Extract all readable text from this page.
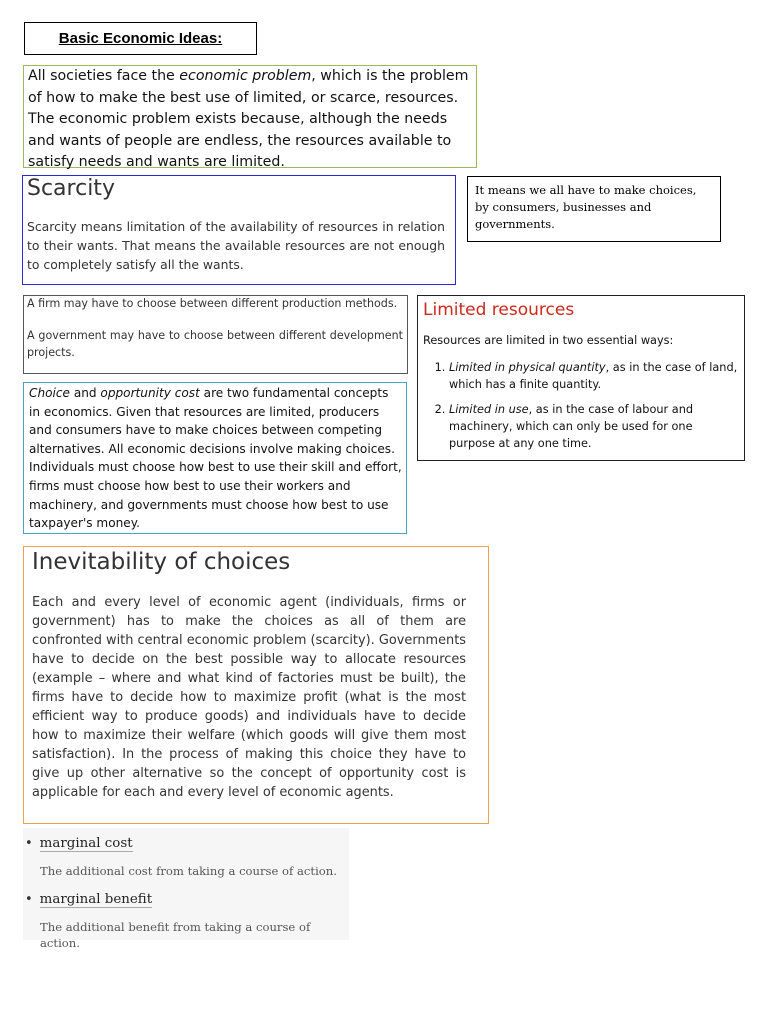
Basic Economic Ideas:

All societies face the economic problem, which is the problem of how to make the best use of limited, or scarce, resources. The economic problem exists because, although the needs and wants of people are endless, the resources available to satisfy needs and wants are limited.

Scarcity

Scarcity means limitation of the availability of resources in relation to their wants. That means the available resources are not enough to completely satisfy all the wants.

It means we all have to make choices, by consumers, businesses and governments.

A firm may have to choose between different production methods.

A government may have to choose between different development projects.

Choice and opportunity cost are two fundamental concepts in economics. Given that resources are limited, producers and consumers have to make choices between competing alternatives. All economic decisions involve making choices. Individuals must choose how best to use their skill and effort, firms must choose how best to use their workers and machinery, and governments must choose how best to use taxpayer's money.

Limited resources

Resources are limited in two essential ways:

1. Limited in physical quantity, as in the case of land, which has a finite quantity.
2. Limited in use, as in the case of labour and machinery, which can only be used for one purpose at any one time.
Inevitability of choices

Each and every level of economic agent (individuals, firms or government) has to make the choices as all of them are confronted with central economic problem (scarcity). Governments have to decide on the best possible way to allocate resources (example – where and what kind of factories must be built), the firms have to decide how to maximize profit (what is the most efficient way to produce goods) and individuals have to decide how to maximize their welfare (which goods will give them most satisfaction). In the process of making this choice they have to give up other alternative so the concept of opportunity cost is applicable for each and every level of economic agents.

• marginal cost

The additional cost from taking a course of action.

• marginal benefit

The additional benefit from taking a course of action.
